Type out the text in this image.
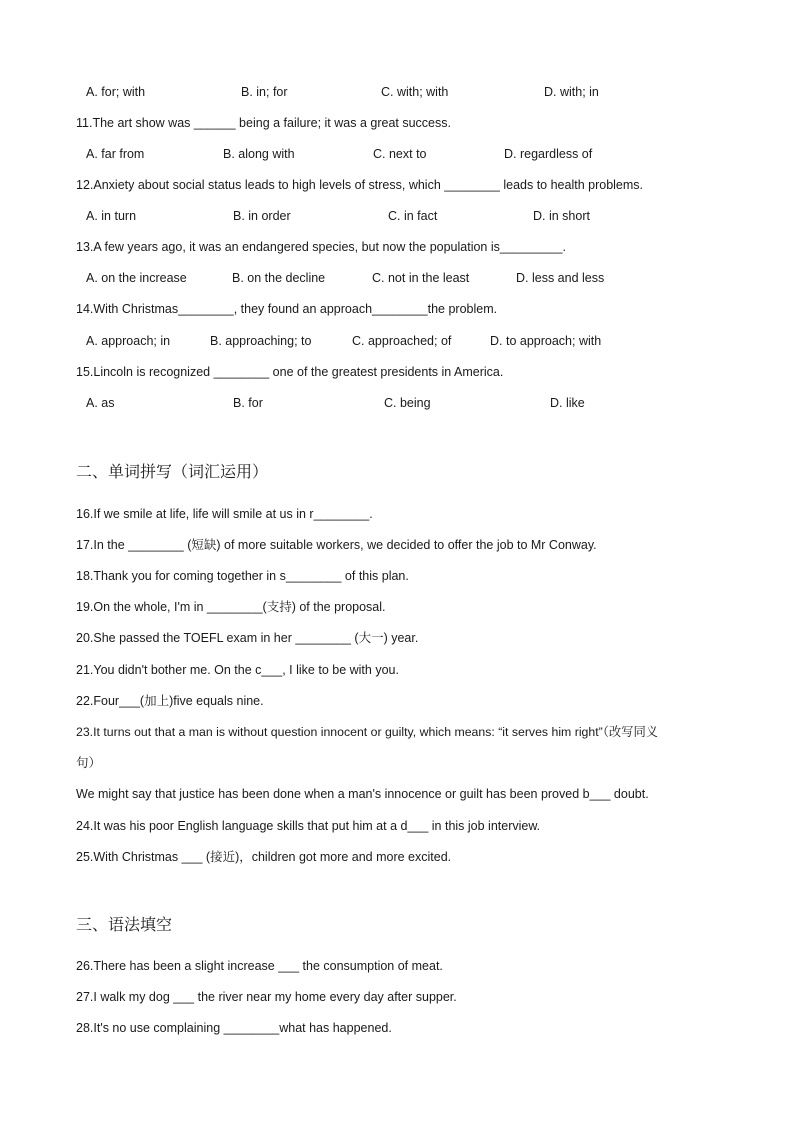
A. for; with	B. in; for	C. with; with	D. with; in
11.The art show was ______ being a failure; it was a great success.
A. far from	B. along with	C. next to	D. regardless of
12.Anxiety about social status leads to high levels of stress, which ________ leads to health problems.
A. in turn	B. in order	C. in fact	D. in short
13.A few years ago, it was an endangered species, but now the population is_________.
A. on the increase	B. on the decline	C. not in the least	D. less and less
14.With Christmas________, they found an approach________the problem.
A. approach; in	B. approaching; to	C. approached; of	D. to approach; with
15.Lincoln is recognized ________ one of the greatest presidents in America.
A. as	B. for	C. being	D. like
二、单词拼写（词汇运用）
16.If we smile at life, life will smile at us in r________.
17.In the ________ (短缺) of more suitable workers, we decided to offer the job to Mr Conway.
18.Thank you for coming together in s________ of this plan.
19.On the whole, I'm in ________(支持) of the proposal.
20.She passed the TOEFL exam in her ________ (大一) year.
21.You didn't bother me. On the c___, I like to be with you.
22.Four___(加上)five equals nine.
23.It turns out that a man is without question innocent or guilty, which means: “it serves him right”（改写同义
句）
We might say that justice has been done when a man's innocence or guilt has been proved b___ doubt.
24.It was his poor English language skills that put him at a d___ in this job interview.
25.With Christmas ___ (接近)，children got more and more excited.
三、语法填空
26.There has been a slight increase ___ the consumption of meat.
27.I walk my dog ___ the river near my home every day after supper.
28.It's no use complaining ________what has happened.
